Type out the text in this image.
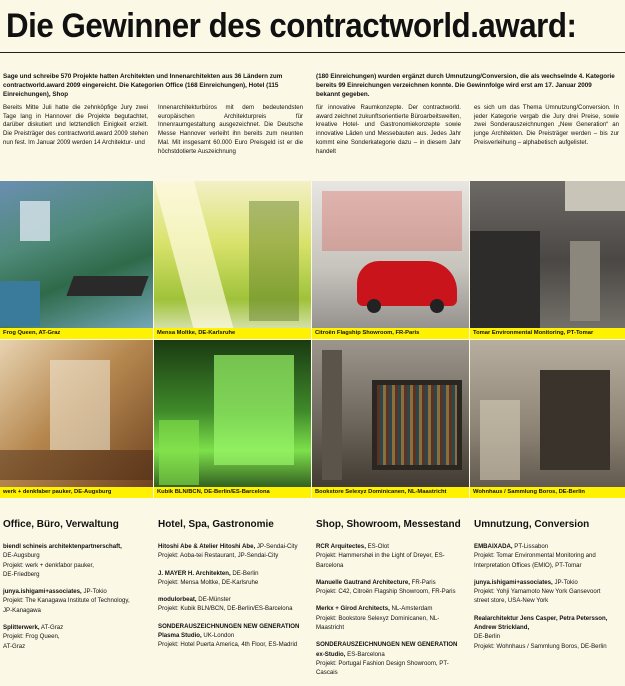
Die Gewinner des contractworld.award:
Sage und schreibe 570 Projekte hatten Architekten und Innenarchitekten aus 36 Ländern zum contractworld.award 2009 eingereicht. Die Kategorien Office (168 Einreichungen), Hotel (115 Einreichungen), Shop
(180 Einreichungen) wurden ergänzt durch Umnutzung/Conversion, die als wechselnde 4. Kategorie bereits 99 Einreichungen verzeichnen konnte. Die Gewinnfolge wird erst am 17. Januar 2009 bekannt gegeben.
Bereits Mitte Juli hatte die zehnköpfige Jury zwei Tage lang in Hannover die Projekte begutachtet, darüber diskutiert und letztendlich Einigkeit erzielt. Die Preisträger des contractworld.award 2009 stehen nun fest. Im Januar 2009 werden 14 Architektur- und
Innenarchitekturbüros mit dem bedeutendsten europäischen Architekturpreis für Innenraumgestaltung ausgezeichnet. Die Deutsche Messe Hannover verleiht ihn bereits zum neunten Mal. Mit insgesamt 60.000 Euro Preisgeld ist er die höchstdotierte Auszeichnung
für innovative Raumkonzepte. Der contractworld. award zeichnet zukunftsorientierte Büroarbeitswelten, kreative Hotel- und Gastronomiekonzepte sowie innovative Läden und Messebauten aus. Jedes Jahr kommt eine Sonderkategorie dazu – in diesem Jahr handelt
es sich um das Thema Umnutzung/Conversion. In jeder Kategorie vergab die Jury drei Preise, sowie zwei Sonderauszeichnungen „New Generation“ an junge Architekten. Die Preisträger werden – bis zur Preisverleihung – alphabetisch aufgelistet.
Frog Queen, AT-Graz	Mensa Moltke, DE-Karlsruhe	Citroën Flagship Showroom, FR-Paris	Tomar Environmental Monitoring, PT-Tomar
werk + denkfaber pauker, DE-Augsburg	Kubik BLN/BCN, DE-Berlin/ES-Barcelona	Bookstore Selexyz Dominicanen, NL-Maastricht	Wohnhaus / Sammlung Boros, DE-Berlin
Office, Büro, Verwaltung
biendl schineis architektenpartnerschaft,
DE-Augsburg
Projekt: werk + denkfabor pauker,
DE-Friedberg
junya.ishigami+associates, JP-Tokio
Projekt: The Kanagawa Institute of Technology,
JP-Kanagawa
Splitterwerk, AT-Graz
Projekt: Frog Queen,
AT-Graz
Hotel, Spa, Gastronomie
Hitoshi Abe & Atelier Hitoshi Abe, JP-Sendai-City
Projekt: Aoba-tei Restaurant, JP-Sendai-City
J. MAYER H. Architekten, DE-Berlin
Projekt: Mensa Moltke, DE-Karlsruhe
modulorbeat, DE-Münster
Projekt: Kubik BLN/BCN, DE-Berlin/ES-Barcelona
SONDERAUSZEICHNUNGEN NEW GENERATION
Plasma Studio, UK-London
Projekt: Hotel Puerta America, 4th Floor, ES-Madrid
Shop, Showroom, Messestand
RCR Arquitectes, ES-Olot
Projekt: Hammershøi in the Light of Dreyer, ES-Barcelona
Manuelle Gautrand Architecture, FR-Paris
Projekt: C42, Citroën Flagship Showroom, FR-Paris
Merkx + Girod Architects, NL-Amsterdam
Projekt: Bookstore Selexyz Dominicanen, NL-Maastricht
SONDERAUSZEICHNUNGEN NEW GENERATION
ex-Studio, ES-Barcelona
Projekt: Portugal Fashion Design Showroom, PT-Cascais
Umnutzung, Conversion
EMBAIXADA, PT-Lissabon
Projekt: Tomar Environmental Monitoring and
Interpretation Offices (EMIO), PT-Tomar
junya.ishigami+associates, JP-Tokio
Projekt: Yohji Yamamoto New York Gansevoort
street store, USA-New York
Realarchitektur Jens Casper, Petra Petersson, Andrew Strickland,
DE-Berlin
Projekt: Wohnhaus / Sammlung Boros, DE-Berlin
